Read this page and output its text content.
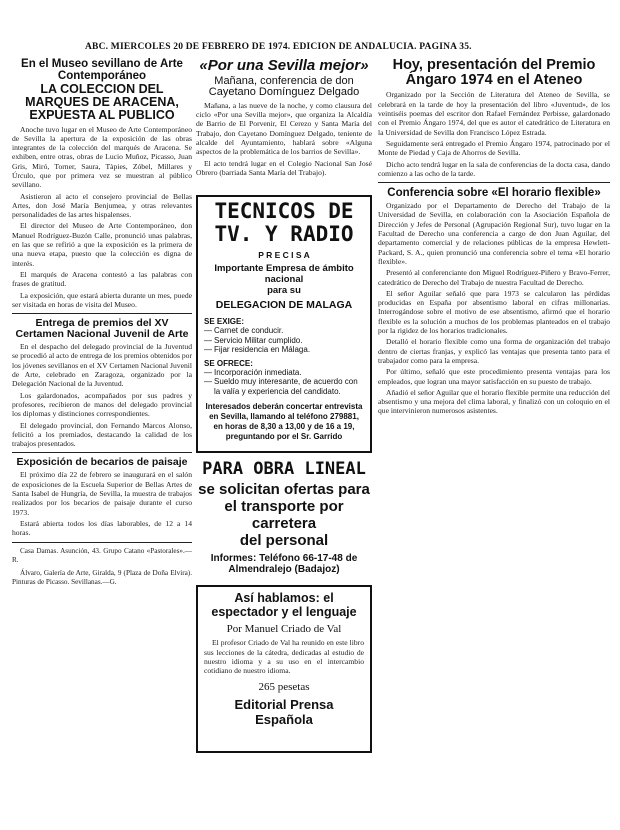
ABC. MIERCOLES 20 DE FEBRERO DE 1974. EDICION DE ANDALUCIA. PAGINA 35.

En el Museo sevillano de Arte Contemporáneo

LA COLECCION DEL MARQUES DE ARACENA, EXPUESTA AL PUBLICO

Anoche tuvo lugar en el Museo de Arte Contemporáneo de Sevilla la apertura de la exposición de las obras integrantes de la colección del marqués de Aracena. Se exhiben, entre otras, obras de Lucio Muñoz, Picasso, Juan Gris, Miró, Torner, Saura, Tàpies, Zóbel, Millares y Úrculo, que por primera vez se muestran al público sevillano.

Asistieron al acto el consejero provincial de Bellas Artes, don José María Benjumea, y otras relevantes personalidades de las artes hispalenses.

El director del Museo de Arte Contemporáneo, don Manuel Rodríguez-Buzón Calle, pronunció unas palabras, en las que se refirió a que la exposición es la primera de una nueva etapa, puesto que la colección es digna de interés.

El marqués de Aracena contestó a las palabras con frases de gratitud.

La exposición, que estará abierta durante un mes, puede ser visitada en horas de visita del Museo.

Entrega de premios del XV Certamen Nacional Juvenil de Arte

En el despacho del delegado provincial de la Juventud se procedió al acto de entrega de los premios obtenidos por los jóvenes sevillanos en el XV Certamen Nacional Juvenil de Arte, celebrado en Zaragoza, organizado por la Delegación Nacional de la Juventud.

Los galardonados, acompañados por sus padres y profesores, recibieron de manos del delegado provincial los diplomas y distinciones correspondientes.

El delegado provincial, don Fernando Marcos Alonso, felicitó a los premiados, destacando la calidad de los trabajos presentados.

Exposición de becarios de paisaje

El próximo día 22 de febrero se inaugurará en el salón de exposiciones de la Escuela Superior de Bellas Artes de Santa Isabel de Hungría, de Sevilla, la muestra de trabajos realizados por los becarios de paisaje durante el curso 1973.

Estará abierta todos los días laborables, de 12 a 14 horas.

Casa Damas. Asunción, 43. Grupo Catano «Pastorales».—R.

Álvaro, Galería de Arte, Giralda, 9 (Plaza de Doña Elvira). Pinturas de Picasso. Sevillanas.—G.

«Por una Sevilla mejor»

Mañana, conferencia de don Cayetano Domínguez Delgado

Mañana, a las nueve de la noche, y como clausura del ciclo «Por una Sevilla mejor», que organiza la Alcaldía de Barrio de El Porvenir, El Cerezo y Santa María del Trabajo, don Cayetano Domínguez Delgado, teniente de alcalde del Ayuntamiento, hablará sobre «Alguna aspectos de la problemática de los barrios de Sevilla».

El acto tendrá lugar en el Colegio Nacional San José Obrero (barriada Santa María del Trabajo).

TECNICOS DE
TV. Y RADIO
P R E C I S A
Importante Empresa de ámbito nacional
para su
DELEGACION DE MALAGA
SE EXIGE:
— Carnet de conducir.
— Servicio Militar cumplido.
— Fijar residencia en Málaga.
SE OFRECE:
— Incorporación inmediata.
— Sueldo muy interesante, de acuerdo con la valía y experiencia del candidato.
Interesados deberán concertar entrevista en Sevilla, llamando al teléfono 279881, en horas de 8,30 a 13,00 y de 16 a 19, preguntando por el Sr. Garrido
PARA OBRA LINEAL
se solicitan ofertas para
el transporte por carretera
del personal
Informes: Teléfono 66-17-48 de
Almendralejo (Badajoz)
Así hablamos: el espectador y el lenguaje
Por Manuel Criado de Val

El profesor Criado de Val ha reunido en este libro sus lecciones de la cátedra, dedicadas al estudio de nuestro idioma y a su uso en el intercambio cotidiano de nuestro idioma.

265 pesetas
Editorial Prensa Española

Hoy, presentación del Premio Ángaro 1974 en el Ateneo

Organizado por la Sección de Literatura del Ateneo de Sevilla, se celebrará en la tarde de hoy la presentación del libro «Juventud», de los veintiséis poemas del escritor don Rafael Fernández Perbisse, galardonado con el Premio Ángaro 1974, del que es autor el catedrático de Literatura en la Universidad de Sevilla don Francisco López Estrada.

Seguidamente será entregado el Premio Ángaro 1974, patrocinado por el Monte de Piedad y Caja de Ahorros de Sevilla.

Dicho acto tendrá lugar en la sala de conferencias de la docta casa, dando comienzo a las ocho de la tarde.

Conferencia sobre «El horario flexible»

Organizado por el Departamento de Derecho del Trabajo de la Universidad de Sevilla, en colaboración con la Asociación Española de Dirección y Jefes de Personal (Agrupación Regional Sur), tuvo lugar en la Facultad de Derecho una conferencia a cargo de don Juan Aguilar, del departamento comercial y de relaciones públicas de la empresa Hewlett-Packard, S. A., quien pronunció una conferencia sobre el tema «El horario flexible».

Presentó al conferenciante don Miguel Rodríguez-Piñero y Bravo-Ferrer, catedrático de Derecho del Trabajo de nuestra Facultad de Derecho.

El señor Aguilar señaló que para 1973 se calcularon las pérdidas producidas en España por absentismo laboral en cifras millonarias. Interrogándose sobre el motivo de ese absentismo, afirmó que el horario flexible es la solución a muchos de los problemas planteados en el trabajo por la rigidez de los horarios tradicionales.

Detalló el horario flexible como una forma de organización del trabajo dentro de ciertas franjas, y explicó las ventajas que presenta tanto para el trabajador como para la empresa.

Por último, señaló que este procedimiento presenta ventajas para los empleados, que logran una mayor satisfacción en su puesto de trabajo.

Añadió el señor Aguilar que el horario flexible permite una reducción del absentismo y una mejora del clima laboral, y finalizó con un coloquio en el que intervinieron numerosos asistentes.
